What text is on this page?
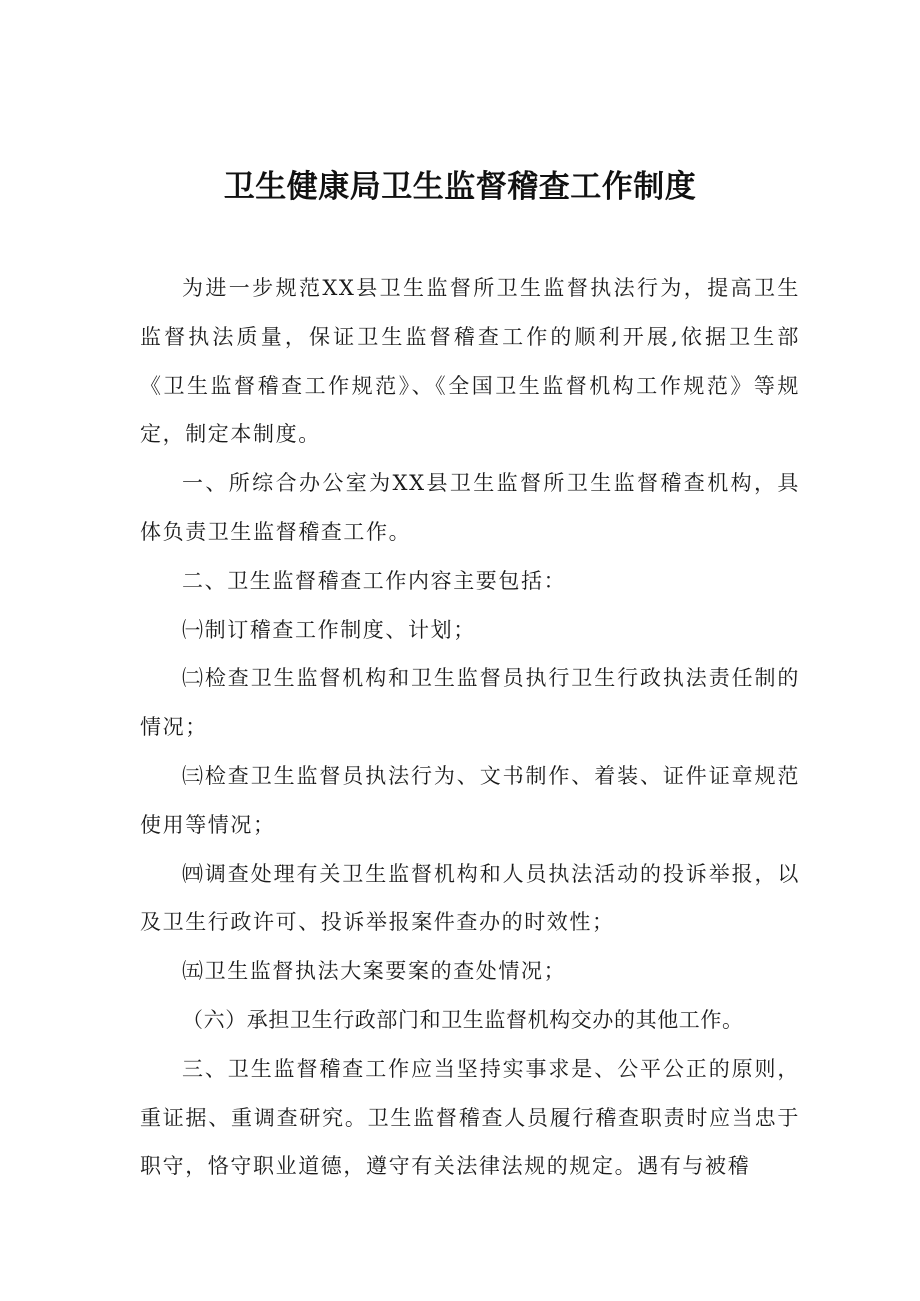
卫生健康局卫生监督稽查工作制度

为进一步规范XX县卫生监督所卫生监督执法行为，提高卫生监督执法质量，保证卫生监督稽查工作的顺利开展,依据卫生部《卫生监督稽查工作规范》、《全国卫生监督机构工作规范》等规定，制定本制度。

一、所综合办公室为XX县卫生监督所卫生监督稽查机构，具体负责卫生监督稽查工作。

二、卫生监督稽查工作内容主要包括：

㈠制订稽查工作制度、计划；

㈡检查卫生监督机构和卫生监督员执行卫生行政执法责任制的情况；

㈢检查卫生监督员执法行为、文书制作、着装、证件证章规范使用等情况；

㈣调查处理有关卫生监督机构和人员执法活动的投诉举报，以及卫生行政许可、投诉举报案件查办的时效性；

㈤卫生监督执法大案要案的查处情况；

（六）承担卫生行政部门和卫生监督机构交办的其他工作。

三、卫生监督稽查工作应当坚持实事求是、公平公正的原则，重证据、重调查研究。卫生监督稽查人员履行稽查职责时应当忠于职守，恪守职业道德，遵守有关法律法规的规定。遇有与被稽
